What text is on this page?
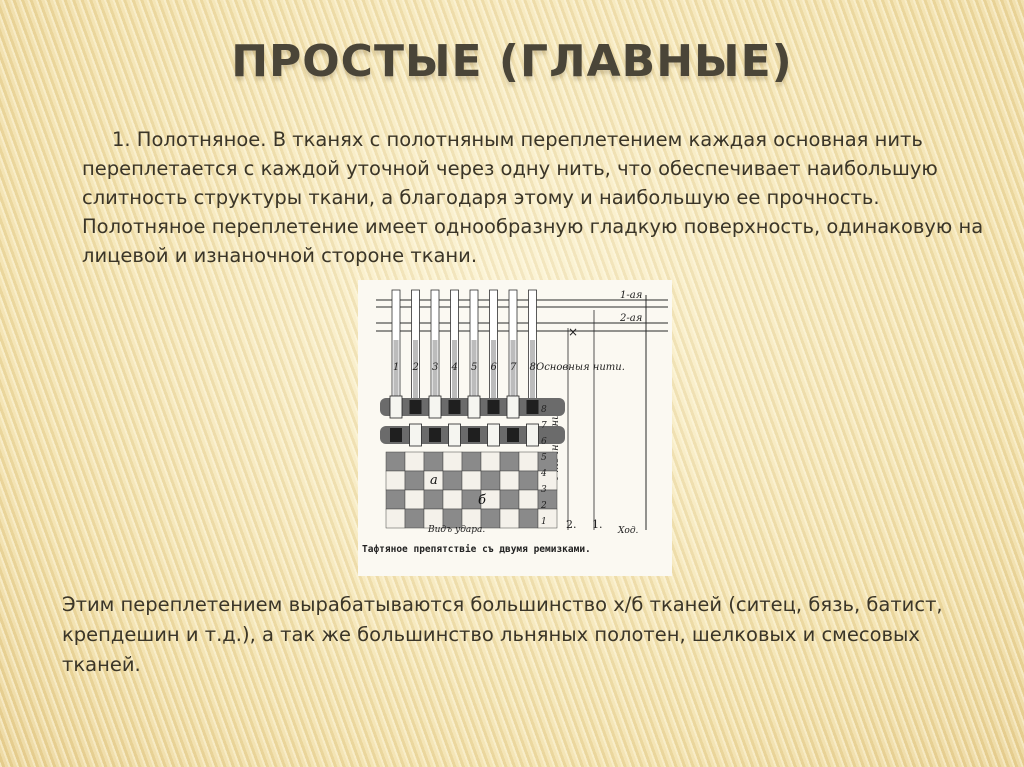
ПРОСТЫЕ (ГЛАВНЫЕ)

1. Полотняное. В тканях с полотняным переплетением каждая основная нить переплетается с каждой уточной через одну нить, что обеспечивает наибольшую слитность структуры ткани, а благодаря этому и наибольшую ее прочность. Полотняное переплетение имеет однообразную гладкую поверхность, одинаковую на лицевой и изнаночной стороне ткани.

1-ая
2-ая
×
Основныя нити.
1 2 3 4 5 6 7 8
1
2
3
4
5
6
7
8
а
б
Видъ удара.	2. 1. Ход.
Тафтяное препятствіе съ двумя ремизками.

Этим переплетением вырабатываются большинство х/б тканей (ситец, бязь, батист, крепдешин и т.д.), а так же большинство льняных полотен, шелковых и смесовых тканей.
